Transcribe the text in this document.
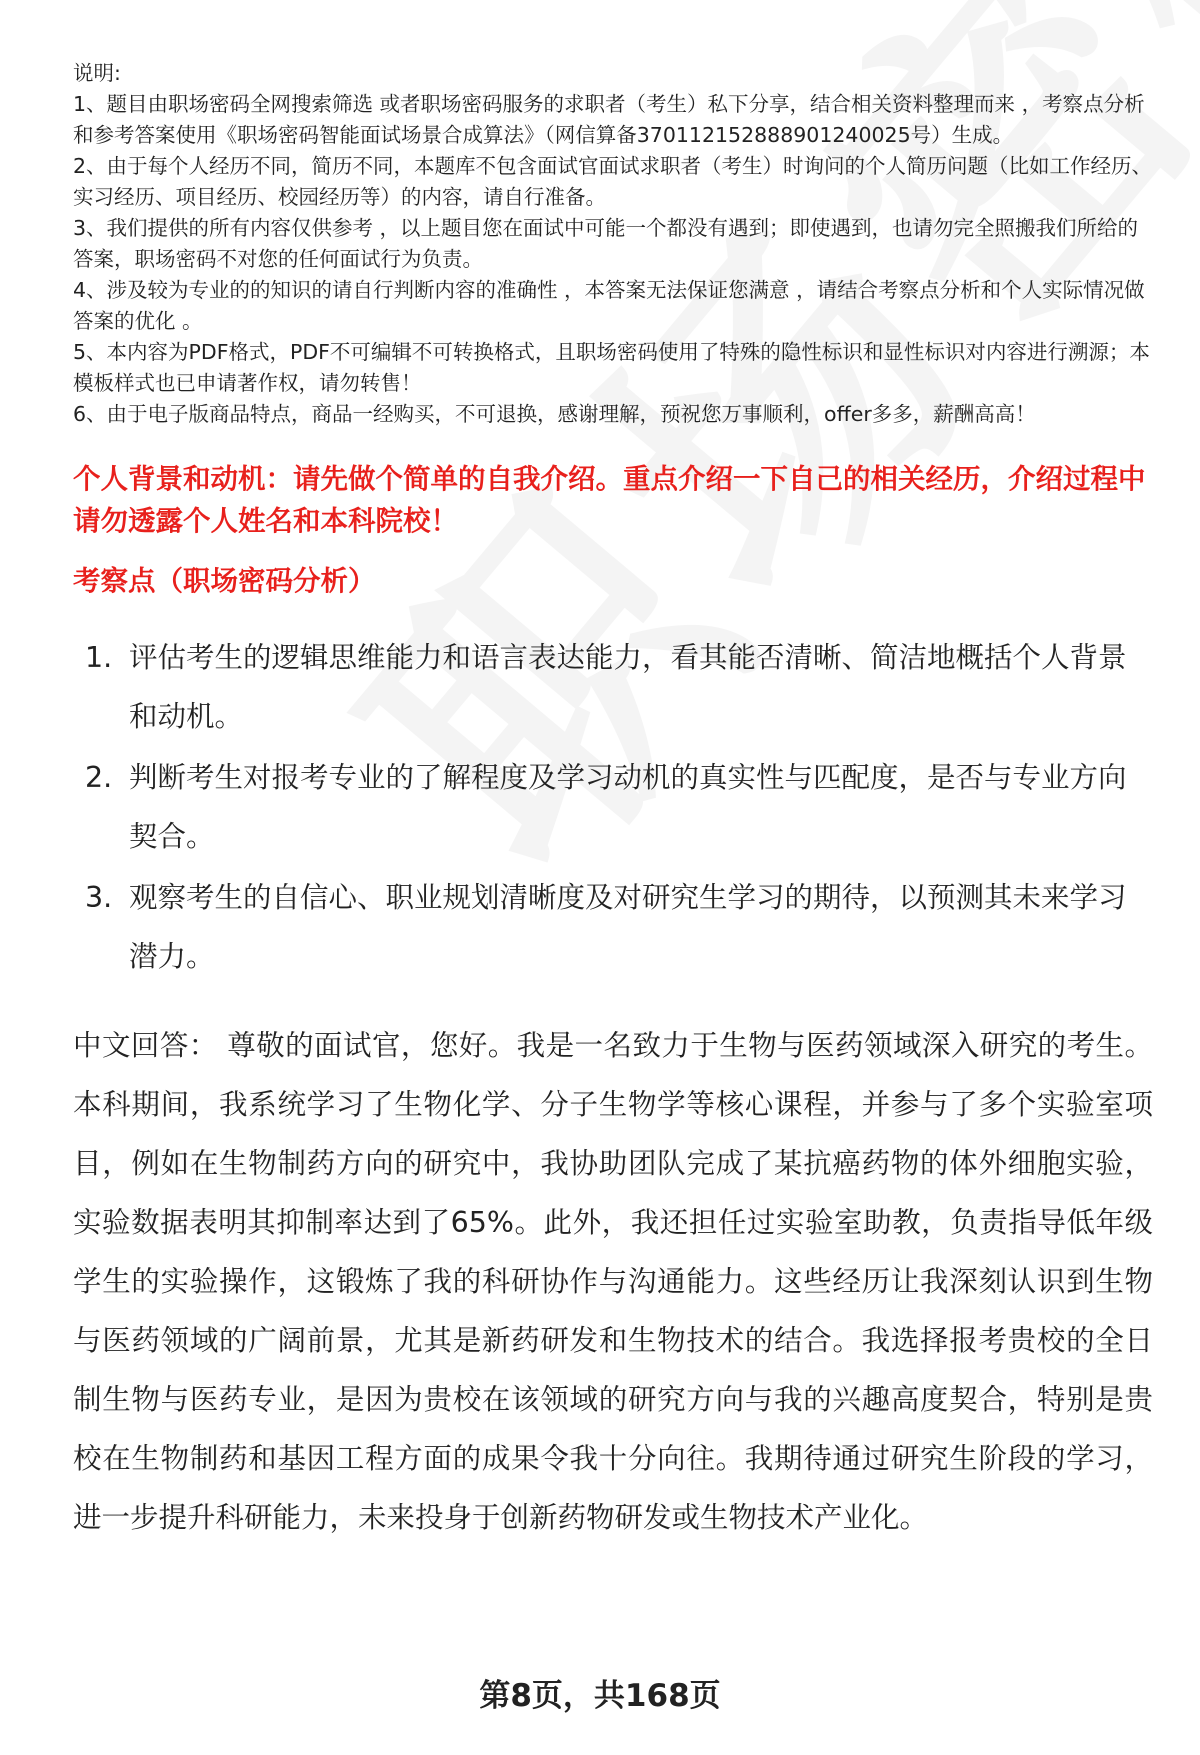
说明:

1、题目由职场密码全网搜索筛选 或者职场密码服务的求职者（考生）私下分享，结合相关资料整理而来 ，考察点分析和参考答案使用《职场密码智能面试场景合成算法》（网信算备370112152888901240025号）生成。

2、由于每个人经历不同，简历不同，本题库不包含面试官面试求职者（考生）时询问的个人简历问题（比如工作经历、实习经历、项目经历、校园经历等）的内容，请自行准备。

3、我们提供的所有内容仅供参考 ，以上题目您在面试中可能一个都没有遇到；即使遇到，也请勿完全照搬我们所给的答案，职场密码不对您的任何面试行为负责。

4、涉及较为专业的的知识的请自行判断内容的准确性 ，本答案无法保证您满意 ，请结合考察点分析和个人实际情况做答案的优化 。

5、本内容为PDF格式，PDF不可编辑不可转换格式，且职场密码使用了特殊的隐性标识和显性标识对内容进行溯源；本模板样式也已申请著作权，请勿转售！

6、由于电子版商品特点，商品一经购买，不可退换，感谢理解，预祝您万事顺利，offer多多，薪酬高高！

个人背景和动机：请先做个简单的自我介绍。重点介绍一下自己的相关经历，介绍过程中请勿透露个人姓名和本科院校！

考察点（职场密码分析）

1. 评估考生的逻辑思维能力和语言表达能力，看其能否清晰、简洁地概括个人背景和动机。
2. 判断考生对报考专业的了解程度及学习动机的真实性与匹配度，是否与专业方向契合。
3. 观察考生的自信心、职业规划清晰度及对研究生学习的期待，以预测其未来学习潜力。

中文回答： 尊敬的面试官，您好。我是一名致力于生物与医药领域深入研究的考生。本科期间，我系统学习了生物化学、分子生物学等核心课程，并参与了多个实验室项目，例如在生物制药方向的研究中，我协助团队完成了某抗癌药物的体外细胞实验，实验数据表明其抑制率达到了65%。此外，我还担任过实验室助教，负责指导低年级学生的实验操作，这锻炼了我的科研协作与沟通能力。这些经历让我深刻认识到生物与医药领域的广阔前景，尤其是新药研发和生物技术的结合。我选择报考贵校的全日制生物与医药专业，是因为贵校在该领域的研究方向与我的兴趣高度契合，特别是贵校在生物制药和基因工程方面的成果令我十分向往。我期待通过研究生阶段的学习，进一步提升科研能力，未来投身于创新药物研发或生物技术产业化。

第8页，共168页
